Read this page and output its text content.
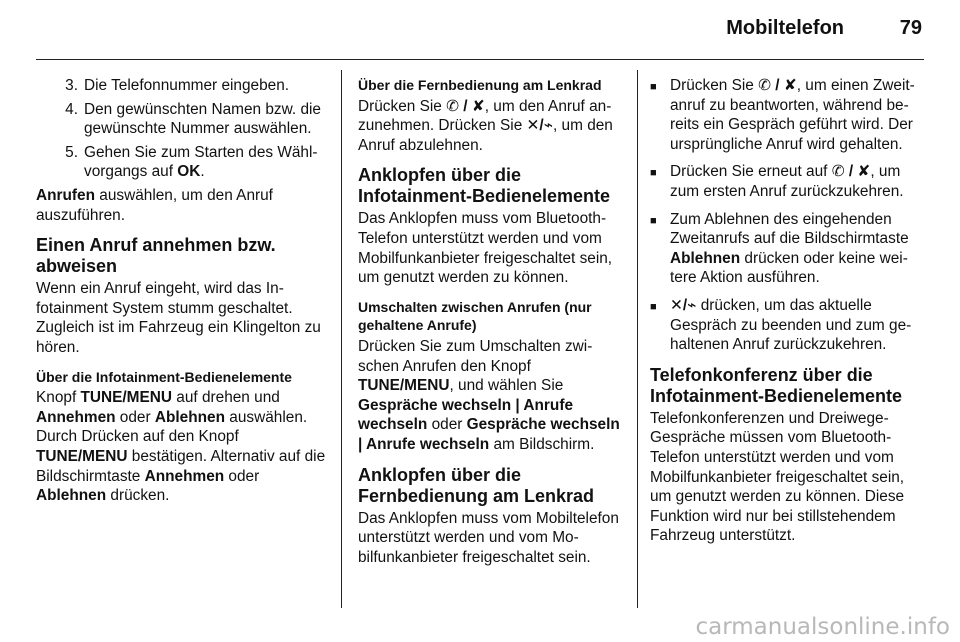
Mobiltelefon	79
3. Die Telefonnummer eingeben.
4. Den gewünschten Namen bzw. die gewünschte Nummer auswählen.
5. Gehen Sie zum Starten des Wählvorgangs auf OK.

Anrufen auswählen, um den Anruf auszuführen.

Einen Anruf annehmen bzw. abweisen

Wenn ein Anruf eingeht, wird das Infotainment System stumm geschaltet. Zugleich ist im Fahrzeug ein Klingelton zu hören.

Über die Infotainment-Bedienelemente

Knopf TUNE/MENU auf drehen und Annehmen oder Ablehnen auswählen. Durch Drücken auf den Knopf TUNE/MENU bestätigen. Alternativ auf die Bildschirmtaste Annehmen oder Ablehnen drücken.

Über die Fernbedienung am Lenkrad

Drücken Sie ✆ / ✘, um den Anruf anzunehmen. Drücken Sie ✕/⌁, um den Anruf abzulehnen.

Anklopfen über die Infotainment-Bedienelemente

Das Anklopfen muss vom Bluetooth-Telefon unterstützt werden und vom Mobilfunkanbieter freigeschaltet sein, um genutzt werden zu können.

Umschalten zwischen Anrufen (nur gehaltene Anrufe)

Drücken Sie zum Umschalten zwischen Anrufen den Knopf TUNE/MENU, und wählen Sie Gespräche wechseln | Anrufe wechseln oder Gespräche wechseln | Anrufe wechseln am Bildschirm.

Anklopfen über die Fernbedienung am Lenkrad

Das Anklopfen muss vom Mobiltelefon unterstützt werden und vom Mobilfunkanbieter freigeschaltet sein.

■ Drücken Sie ✆ / ✘, um einen Zweitanruf zu beantworten, während bereits ein Gespräch geführt wird. Der ursprüngliche Anruf wird gehalten.
■ Drücken Sie erneut auf ✆ / ✘, um zum ersten Anruf zurückzukehren.
■ Zum Ablehnen des eingehenden Zweitanrufs auf die Bildschirmtaste Ablehnen drücken oder keine weitere Aktion ausführen.
■ ✕/⌁ drücken, um das aktuelle Gespräch zu beenden und zum gehaltenen Anruf zurückzukehren.
Telefonkonferenz über die Infotainment-Bedienelemente

Telefonkonferenzen und Dreiwege-Gespräche müssen vom Bluetooth-Telefon unterstützt werden und vom Mobilfunkanbieter freigeschaltet sein, um genutzt werden zu können. Diese Funktion wird nur bei stillstehendem Fahrzeug unterstützt.

carmanualsonline.info
